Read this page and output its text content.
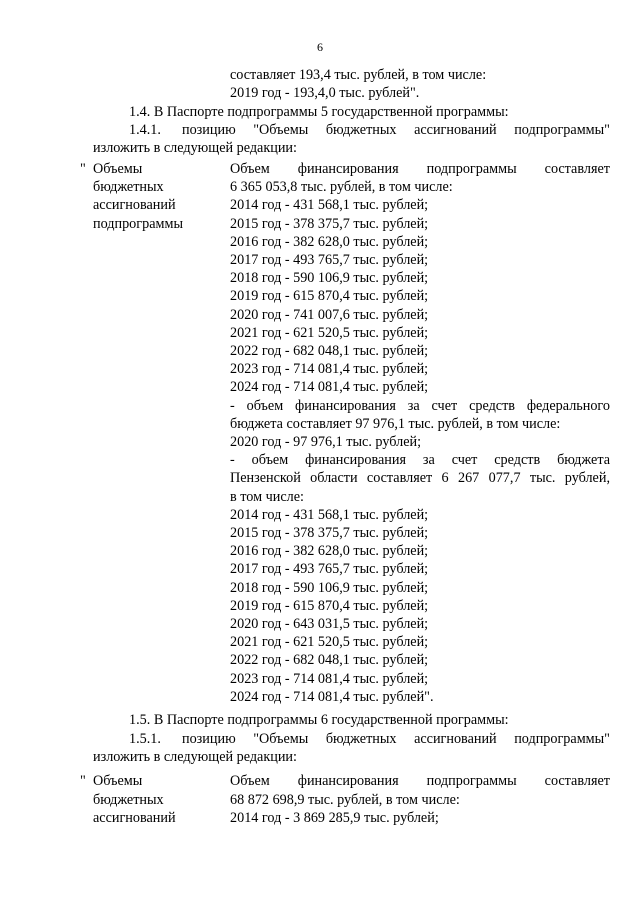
6
составляет 193,4 тыс. рублей, в том числе:
2019 год - 193,4,0 тыс. рублей".
1.4. В Паспорте подпрограммы 5 государственной программы:
1.4.1. позицию "Объемы бюджетных ассигнований подпрограммы"
изложить в следующей редакции:
" Объемы
бюджетных
ассигнований
подпрограммы
Объем финансирования подпрограммы составляет
6 365 053,8 тыс. рублей, в том числе:
2014 год - 431 568,1 тыс. рублей;
2015 год - 378 375,7 тыс. рублей;
2016 год - 382 628,0 тыс. рублей;
2017 год - 493 765,7 тыс. рублей;
2018 год - 590 106,9 тыс. рублей;
2019 год - 615 870,4 тыс. рублей;
2020 год - 741 007,6 тыс. рублей;
2021 год - 621 520,5 тыс. рублей;
2022 год - 682 048,1 тыс. рублей;
2023 год - 714 081,4 тыс. рублей;
2024 год - 714 081,4 тыс. рублей;
- объем финансирования за счет средств федерального
бюджета составляет 97 976,1 тыс. рублей, в том числе:
2020 год - 97 976,1 тыс. рублей;
- объем финансирования за счет средств бюджета
Пензенской области составляет 6 267 077,7 тыс. рублей,
в том числе:
2014 год - 431 568,1 тыс. рублей;
2015 год - 378 375,7 тыс. рублей;
2016 год - 382 628,0 тыс. рублей;
2017 год - 493 765,7 тыс. рублей;
2018 год - 590 106,9 тыс. рублей;
2019 год - 615 870,4 тыс. рублей;
2020 год - 643 031,5 тыс. рублей;
2021 год - 621 520,5 тыс. рублей;
2022 год - 682 048,1 тыс. рублей;
2023 год - 714 081,4 тыс. рублей;
2024 год - 714 081,4 тыс. рублей".
1.5. В Паспорте подпрограммы 6 государственной программы:
1.5.1. позицию "Объемы бюджетных ассигнований подпрограммы"
изложить в следующей редакции:
" Объемы
бюджетных
ассигнований
Объем финансирования подпрограммы составляет
68 872 698,9 тыс. рублей, в том числе:
2014 год - 3 869 285,9 тыс. рублей;
